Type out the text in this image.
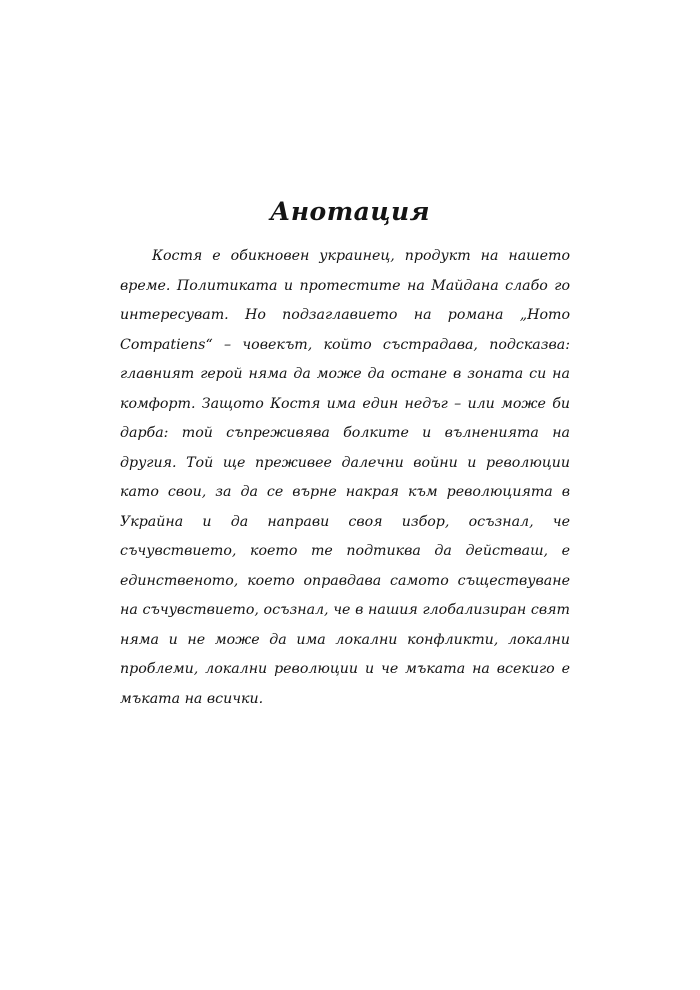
Анотация

Костя е обикновен украинец, продукт на нашето време. Политиката и протестите на Майдана слабо го интересуват. Но подзаглавието на романа „Homo Compatiens“ – човекът, който състрадава, подсказва: главният герой няма да може да остане в зоната си на комфорт. Защото Костя има един недъг – или може би дарба: той съпреживява болките и вълненията на другия. Той ще преживее далечни войни и революции като свои, за да се върне накрая към революцията в Украйна и да направи своя избор, осъзнал, че съчувствието, което те подтиква да действаш, е единственото, което оправдава самото съществуване на съчувствието, осъзнал, че в нашия глобализиран свят няма и не може да има локални конфликти, локални проблеми, локални революции и че мъката на всекиго е мъката на всички.
